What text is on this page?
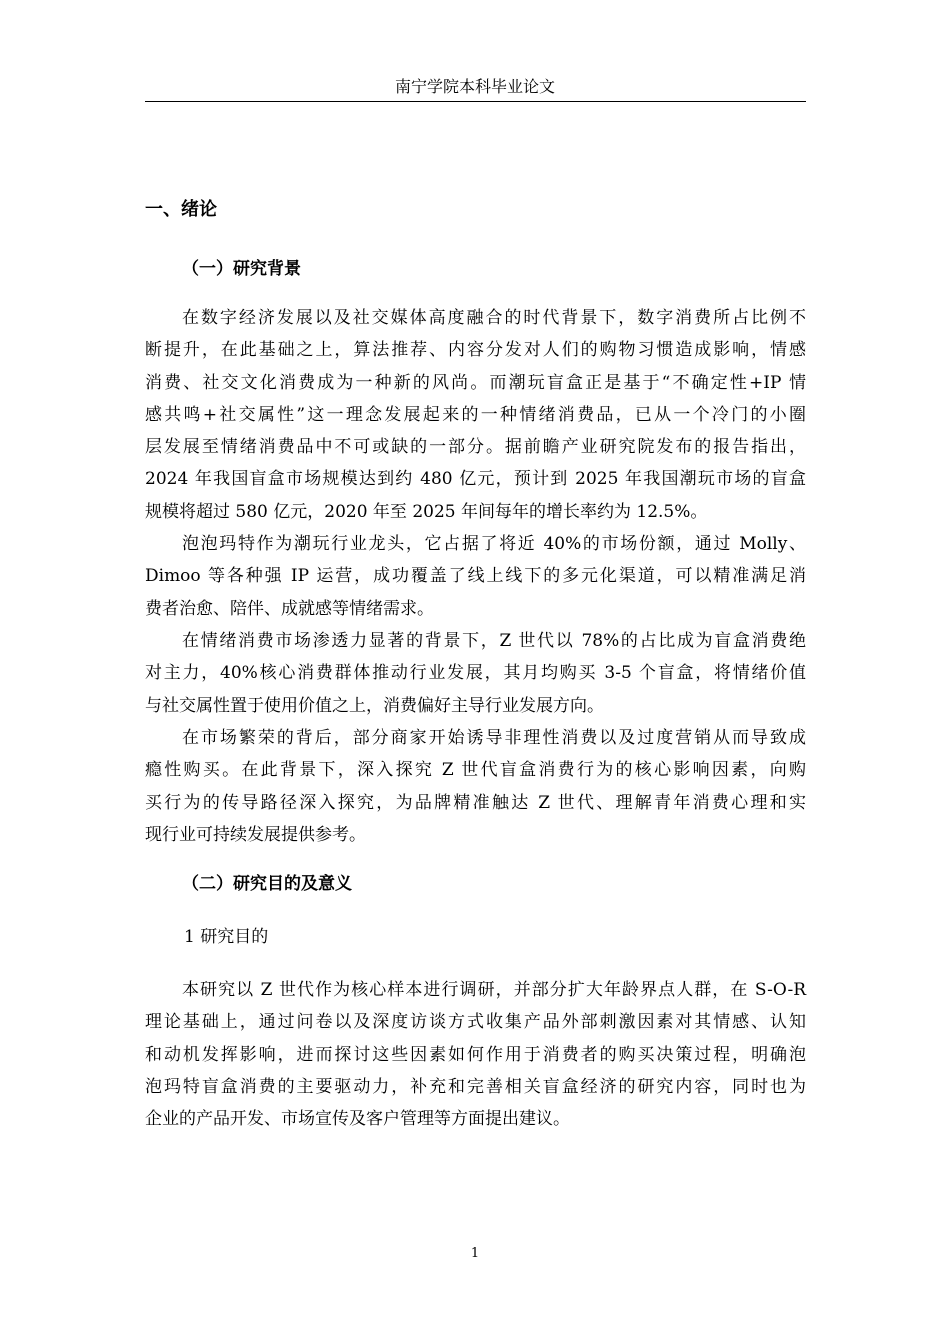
南宁学院本科毕业论文
一、绪论
（一）研究背景
在数字经济发展以及社交媒体高度融合的时代背景下，数字消费所占比例不
断提升，在此基础之上，算法推荐、内容分发对人们的购物习惯造成影响，情感
消费、社交文化消费成为一种新的风尚。而潮玩盲盒正是基于“不确定性+IP 情
感共鸣+社交属性”这一理念发展起来的一种情绪消费品，已从一个冷门的小圈
层发展至情绪消费品中不可或缺的一部分。据前瞻产业研究院发布的报告指出，
2024 年我国盲盒市场规模达到约 480 亿元，预计到 2025 年我国潮玩市场的盲盒
规模将超过 580 亿元，2020 年至 2025 年间每年的增长率约为 12.5%。
泡泡玛特作为潮玩行业龙头，它占据了将近 40%的市场份额，通过 Molly、
Dimoo 等各种强 IP 运营，成功覆盖了线上线下的多元化渠道，可以精准满足消
费者治愈、陪伴、成就感等情绪需求。
在情绪消费市场渗透力显著的背景下，Z 世代以 78%的占比成为盲盒消费绝
对主力，40%核心消费群体推动行业发展，其月均购买 3-5 个盲盒，将情绪价值
与社交属性置于使用价值之上，消费偏好主导行业发展方向。
在市场繁荣的背后，部分商家开始诱导非理性消费以及过度营销从而导致成
瘾性购买。在此背景下，深入探究 Z 世代盲盒消费行为的核心影响因素，向购
买行为的传导路径深入探究，为品牌精准触达 Z 世代、理解青年消费心理和实
现行业可持续发展提供参考。
（二）研究目的及意义
1 研究目的
本研究以 Z 世代作为核心样本进行调研，并部分扩大年龄界点人群，在 S-O-R
理论基础上，通过问卷以及深度访谈方式收集产品外部刺激因素对其情感、认知
和动机发挥影响，进而探讨这些因素如何作用于消费者的购买决策过程，明确泡
泡玛特盲盒消费的主要驱动力，补充和完善相关盲盒经济的研究内容，同时也为
企业的产品开发、市场宣传及客户管理等方面提出建议。
1
